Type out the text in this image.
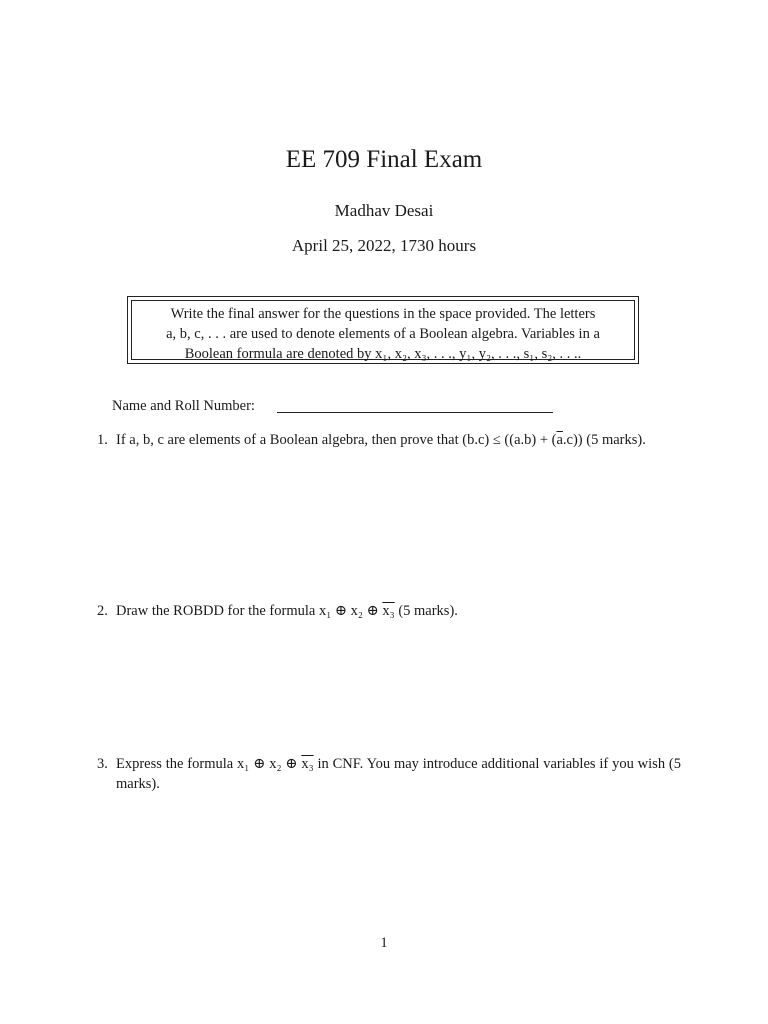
EE 709 Final Exam
Madhav Desai
April 25, 2022, 1730 hours
Write the final answer for the questions in the space provided. The letters
a, b, c, . . . are used to denote elements of a Boolean algebra. Variables in a
Boolean formula are denoted by x₁, x₂, x₃, . . ., y₁, y₂, . . ., s₁, s₂, . . ..
Name and Roll Number:
1. If a, b, c are elements of a Boolean algebra, then prove that $(b.c) \le ((a.b) + (\overline{a}.c))$ (5 marks).
2. Draw the ROBDD for the formula x₁ ⊕ x₂ ⊕ x₃ (5 marks).
3. Express the formula x₁ ⊕ x₂ ⊕ x₃ in CNF. You may introduce additional variables if you wish (5 marks).
1
